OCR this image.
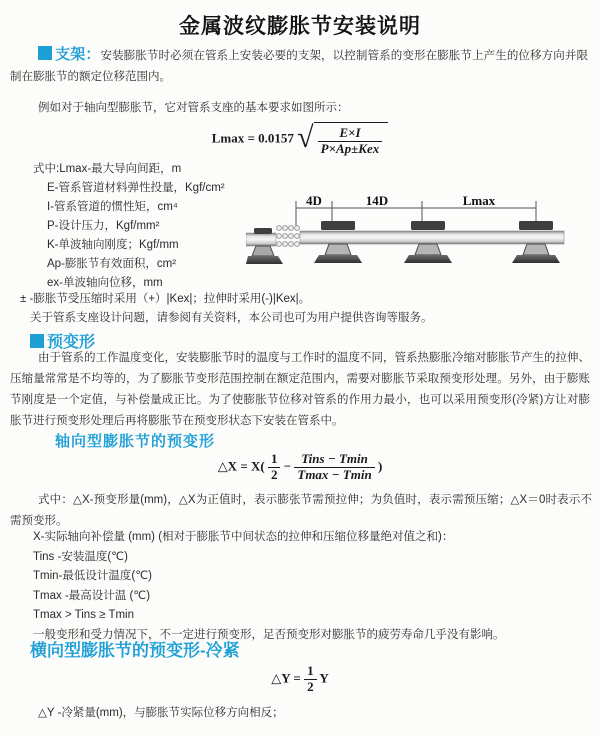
金属波纹膨胀节安装说明

支架：安装膨胀节时必须在管系上安装必要的支架，以控制管系的变形在膨胀节上产生的位移方向并限制在膨胀节的额定位移范围内。

例如对于轴向型膨胀节，它对管系支座的基本要求如图所示：
Lmax = 0.0157 √ $\frac{E\times I}{\text{P×Ap±Kex}}$
式中:Lmax-最大导向间距，m
E-管系管道材料弹性投量，Kgf/cm²
I-管系管道的惯性矩，cm⁴
P-设计压力，Kgf/mm²
K-单波轴向刚度；Kgf/mm
Ap-膨胀节有效面积，cm²
ex-单波轴向位移，mm
± -膨胀节受压缩时采用（+）|Kex|；拉伸时采用(-)|Kex|。
关于管系支座设计问题，请参阅有关资料，本公司也可为用户提供咨询等服务。
4D	14D	Lmax
预变形

由于管系的工作温度变化，安装膨胀节时的温度与工作时的温度不同，管系热膨胀冷缩对膨胀节产生的拉伸、压缩量常常是不均等的，为了膨胀节变形范围控制在额定范围内，需要对膨胀节采取预变形处理。另外，由于膨账节刚度是一个定值，与补偿量成正比。为了使膨胀节位移对管系的作用力最小，也可以采用预变形(冷紧)方让对膨胀节进行预变形处理后再将膨胀节在预变形状态下安装在管系中。

轴向型膨胀节的预变形
△X = $X( \frac{1}{2} - \frac{\text{Tins − Tmin}}{Tmax - Tmin}$ )

式中：△X-预变形量(mm)，△X为正值时，表示膨张节需预拉伸；为负值时，表示需预压缩；△X＝0时表示不需预变形。

X-实际轴向补偿量 (mm) (相对于膨胀节中间状态的拉伸和压缩位移量绝对值之和)：
Tins -安装温度(℃)
Tmin-最低设计温度(℃)
Tmax -最高设计温 (℃)
Tmax > Tins ≥ Tmin
一般变形和受力情况下，不一定进行预变形，足否预变形对膨胀节的疲劳寿命几乎没有影响。
横向型膨胀节的预变形-冷紧
△Y = $\frac{1}{2}$ Y
△Y -冷紧量(mm)，与膨胀节实际位移方向相反；
